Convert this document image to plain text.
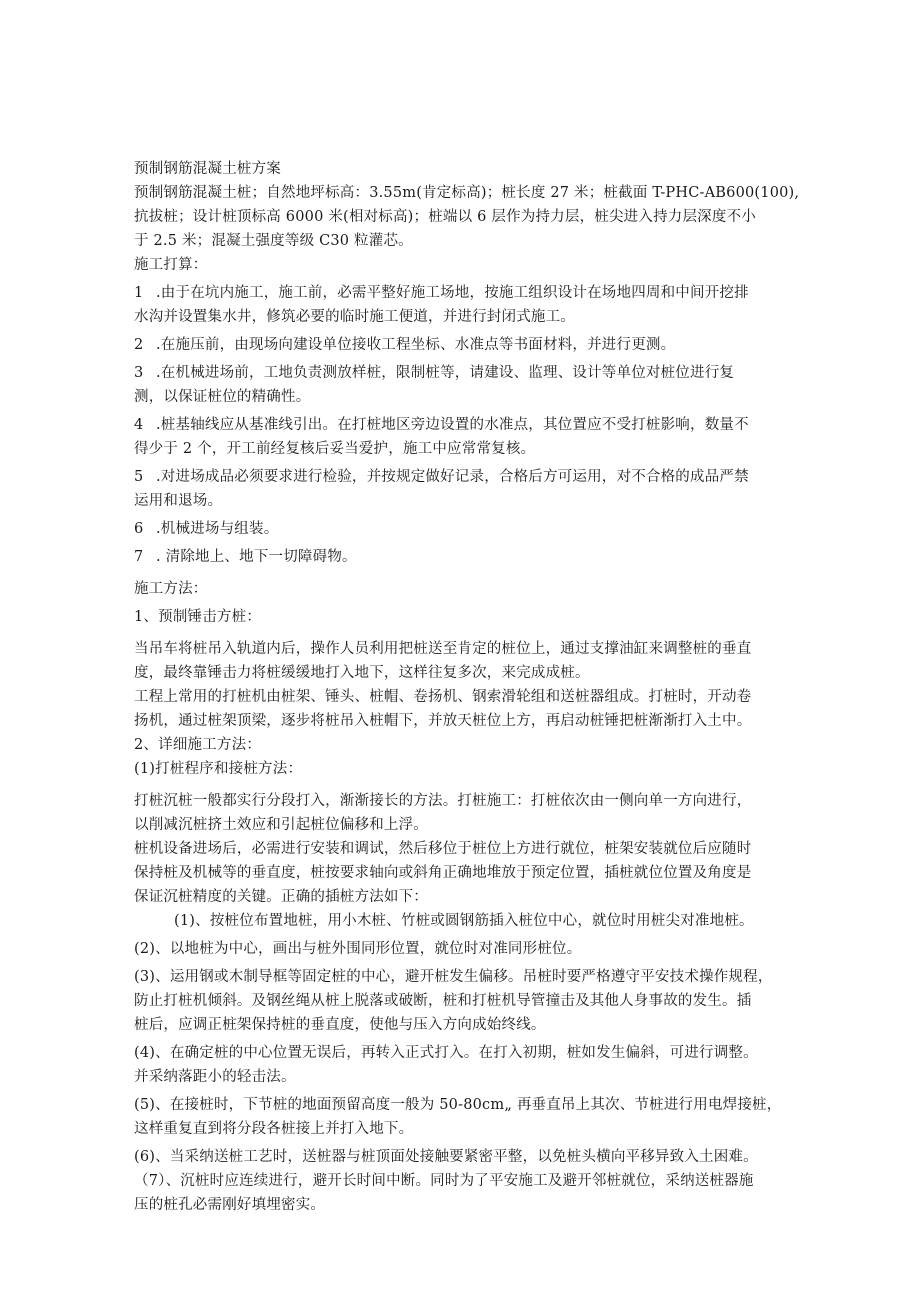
预制钢筋混凝土桩方案
预制钢筋混凝土桩；自然地坪标高：3.55m(肯定标高)；桩长度 27 米；桩截面 T-PHC-AB600(100),
抗拔桩；设计桩顶标高 6000 米(相对标高)；桩端以 6 层作为持力层，桩尖进入持力层深度不小
于 2.5 米；混凝土强度等级 C30 粒灌芯。
施工打算：
1 .由于在坑内施工，施工前，必需平整好施工场地，按施工组织设计在场地四周和中间开挖排
水沟并设置集水井，修筑必要的临时施工便道，并进行封闭式施工。
2 .在施压前，由现场向建设单位接收工程坐标、水准点等书面材料，并进行更测。
3 .在机械进场前，工地负责测放样桩，限制桩等，请建设、监理、设计等单位对桩位进行复
测，以保证桩位的精确性。
4 .桩基轴线应从基准线引出。在打桩地区旁边设置的水准点，其位置应不受打桩影响，数量不
得少于 2 个，开工前经复核后妥当爱护，施工中应常常复核。
5 .对进场成品必须要求进行检验，并按规定做好记录，合格后方可运用，对不合格的成品严禁
运用和退场。
6 .机械进场与组装。
7 . 清除地上、地下一切障碍物。
施工方法：
1、预制锤击方桩：
当吊车将桩吊入轨道内后，操作人员利用把桩送至肯定的桩位上，通过支撑油缸来调整桩的垂直
度，最终靠锤击力将桩缓缓地打入地下，这样往复多次，来完成成桩。
工程上常用的打桩机由桩架、锤头、桩帽、卷扬机、钢索滑轮组和送桩器组成。打桩时，开动卷
扬机，通过桩架顶梁，逐步将桩吊入桩帽下，并放天桩位上方，再启动桩锤把桩渐渐打入土中。
2、详细施工方法：
(1)打桩程序和接桩方法：
打桩沉桩一般都实行分段打入，渐渐接长的方法。打桩施工：打桩依次由一侧向单一方向进行，
以削减沉桩挤土效应和引起桩位偏移和上浮。
桩机设备进场后，必需进行安装和调试，然后移位于桩位上方进行就位，桩架安装就位后应随时
保持桩及机械等的垂直度，桩按要求轴向或斜角正确地堆放于预定位置，插桩就位位置及角度是
保证沉桩精度的关键。正确的插桩方法如下：
(1)、按桩位布置地桩，用小木桩、竹桩或圆钢筋插入桩位中心，就位时用桩尖对准地桩。
(2)、以地桩为中心，画出与桩外围同形位置，就位时对准同形桩位。
(3)、运用钢或木制导框等固定桩的中心，避开桩发生偏移。吊桩时要严格遵守平安技术操作规程，
防止打桩机倾斜。及钢丝绳从桩上脱落或破断，桩和打桩机导管撞击及其他人身事故的发生。插
桩后，应调正桩架保持桩的垂直度，使他与压入方向成始终线。
(4)、在确定桩的中心位置无误后，再转入正式打入。在打入初期，桩如发生偏斜，可进行调整。
并采纳落距小的轻击法。
(5)、在接桩时，下节桩的地面预留高度一般为 50-80cm„ 再垂直吊上其次、节桩进行用电焊接桩，
这样重复直到将分段各桩接上并打入地下。
(6)、当采纳送桩工艺时，送桩器与桩顶面处接触要紧密平整，以免桩头横向平移异致入土困难。
（7）、沉桩时应连续进行，避开长时间中断。同时为了平安施工及避开邻桩就位，采纳送桩器施
压的桩孔必需刚好填埋密实。
